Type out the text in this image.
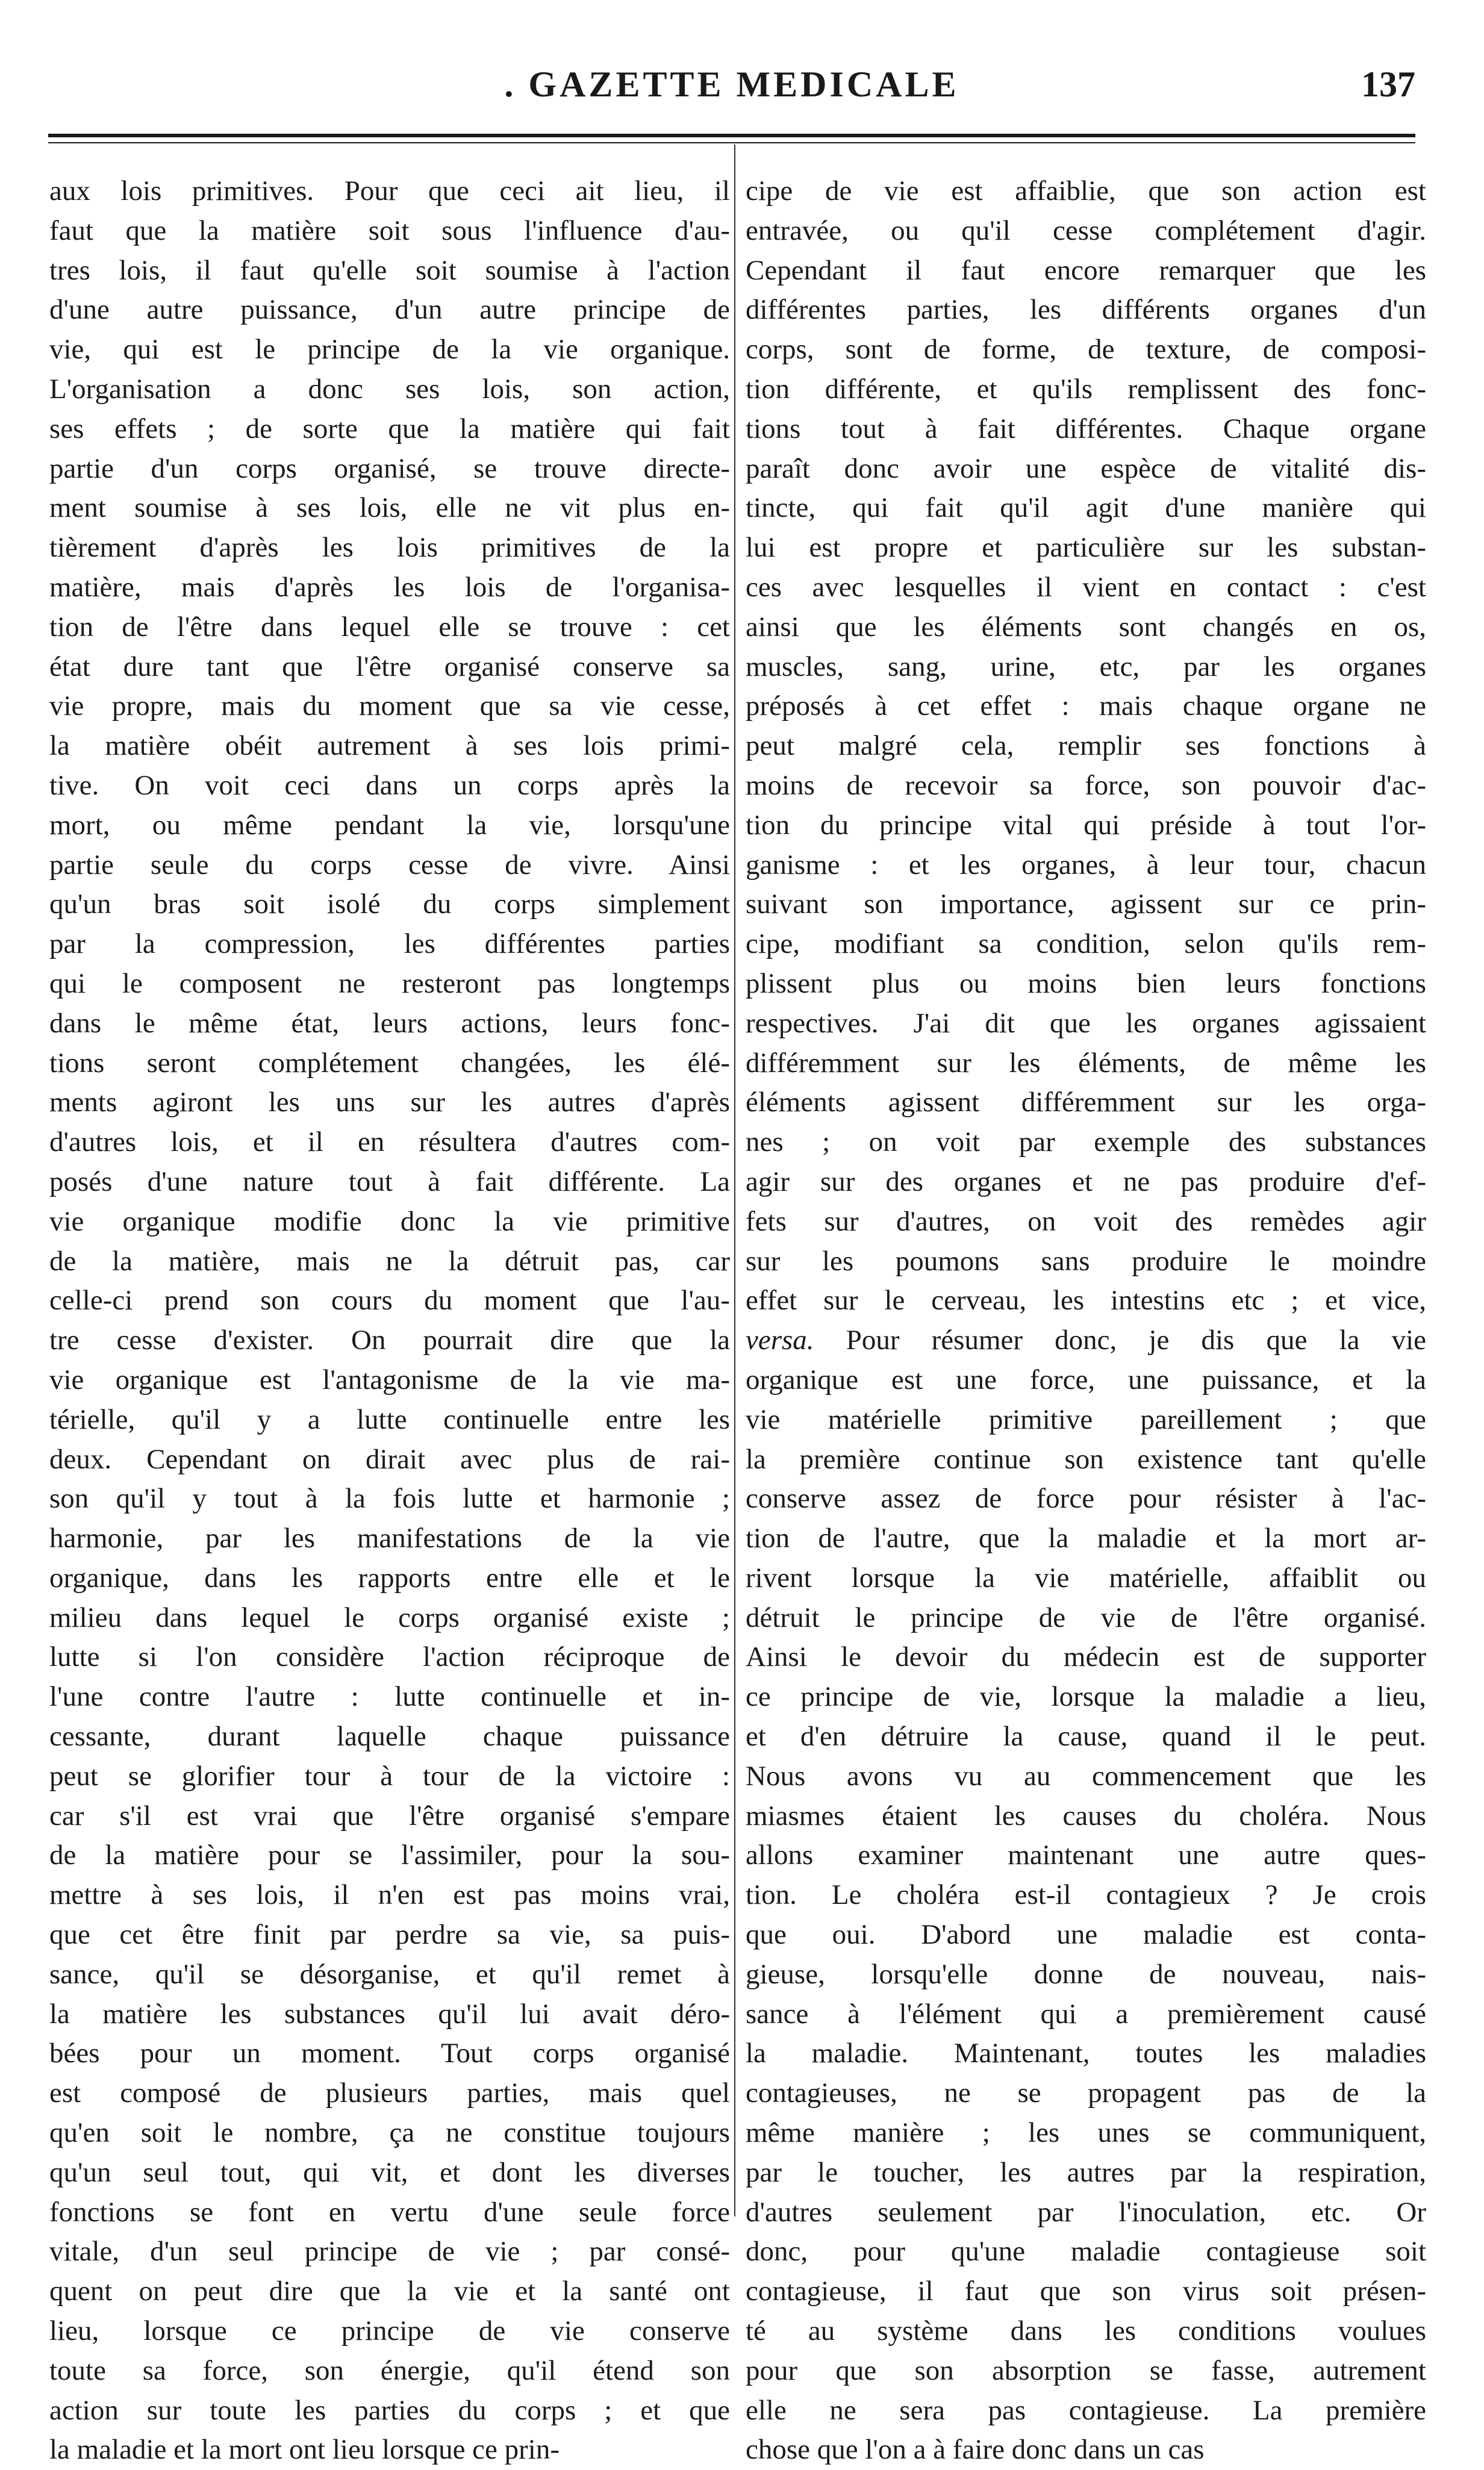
. GAZETTE MEDICALE	137
aux lois primitives. Pour que ceci ait lieu, il
faut que la matière soit sous l'influence d'au-
tres lois, il faut qu'elle soit soumise à l'action
d'une autre puissance, d'un autre principe de
vie, qui est le principe de la vie organique.
L'organisation a donc ses lois, son action,
ses effets ; de sorte que la matière qui fait
partie d'un corps organisé, se trouve directe-
ment soumise à ses lois, elle ne vit plus en-
tièrement d'après les lois primitives de la
matière, mais d'après les lois de l'organisa-
tion de l'être dans lequel elle se trouve : cet
état dure tant que l'être organisé conserve sa
vie propre, mais du moment que sa vie cesse,
la matière obéit autrement à ses lois primi-
tive. On voit ceci dans un corps après la
mort, ou même pendant la vie, lorsqu'une
partie seule du corps cesse de vivre. Ainsi
qu'un bras soit isolé du corps simplement
par la compression, les différentes parties
qui le composent ne resteront pas longtemps
dans le même état, leurs actions, leurs fonc-
tions seront complétement changées, les élé-
ments agiront les uns sur les autres d'après
d'autres lois, et il en résultera d'autres com-
posés d'une nature tout à fait différente. La
vie organique modifie donc la vie primitive
de la matière, mais ne la détruit pas, car
celle-ci prend son cours du moment que l'au-
tre cesse d'exister. On pourrait dire que la
vie organique est l'antagonisme de la vie ma-
térielle, qu'il y a lutte continuelle entre les
deux. Cependant on dirait avec plus de rai-
son qu'il y tout à la fois lutte et harmonie ;
harmonie, par les manifestations de la vie
organique, dans les rapports entre elle et le
milieu dans lequel le corps organisé existe ;
lutte si l'on considère l'action réciproque de
l'une contre l'autre : lutte continuelle et in-
cessante, durant laquelle chaque puissance
peut se glorifier tour à tour de la victoire :
car s'il est vrai que l'être organisé s'empare
de la matière pour se l'assimiler, pour la sou-
mettre à ses lois, il n'en est pas moins vrai,
que cet être finit par perdre sa vie, sa puis-
sance, qu'il se désorganise, et qu'il remet à
la matière les substances qu'il lui avait déro-
bées pour un moment. Tout corps organisé
est composé de plusieurs parties, mais quel
qu'en soit le nombre, ça ne constitue toujours
qu'un seul tout, qui vit, et dont les diverses
fonctions se font en vertu d'une seule force
vitale, d'un seul principe de vie ; par consé-
quent on peut dire que la vie et la santé ont
lieu, lorsque ce principe de vie conserve
toute sa force, son énergie, qu'il étend son
action sur toute les parties du corps ; et que
la maladie et la mort ont lieu lorsque ce prin-
cipe de vie est affaiblie, que son action est
entravée, ou qu'il cesse complétement d'agir.
Cependant il faut encore remarquer que les
différentes parties, les différents organes d'un
corps, sont de forme, de texture, de composi-
tion différente, et qu'ils remplissent des fonc-
tions tout à fait différentes. Chaque organe
paraît donc avoir une espèce de vitalité dis-
tincte, qui fait qu'il agit d'une manière qui
lui est propre et particulière sur les substan-
ces avec lesquelles il vient en contact : c'est
ainsi que les éléments sont changés en os,
muscles, sang, urine, etc, par les organes
préposés à cet effet : mais chaque organe ne
peut malgré cela, remplir ses fonctions à
moins de recevoir sa force, son pouvoir d'ac-
tion du principe vital qui préside à tout l'or-
ganisme : et les organes, à leur tour, chacun
suivant son importance, agissent sur ce prin-
cipe, modifiant sa condition, selon qu'ils rem-
plissent plus ou moins bien leurs fonctions
respectives. J'ai dit que les organes agissaient
différemment sur les éléments, de même les
éléments agissent différemment sur les orga-
nes ; on voit par exemple des substances
agir sur des organes et ne pas produire d'ef-
fets sur d'autres, on voit des remèdes agir
sur les poumons sans produire le moindre
effet sur le cerveau, les intestins etc ; et vice,
versa. Pour résumer donc, je dis que la vie
organique est une force, une puissance, et la
vie matérielle primitive pareillement ; que
la première continue son existence tant qu'elle
conserve assez de force pour résister à l'ac-
tion de l'autre, que la maladie et la mort ar-
rivent lorsque la vie matérielle, affaiblit ou
détruit le principe de vie de l'être organisé.
Ainsi le devoir du médecin est de supporter
ce principe de vie, lorsque la maladie a lieu,
et d'en détruire la cause, quand il le peut.
Nous avons vu au commencement que les
miasmes étaient les causes du choléra. Nous
allons examiner maintenant une autre ques-
tion. Le choléra est-il contagieux ? Je crois
que oui. D'abord une maladie est conta-
gieuse, lorsqu'elle donne de nouveau, nais-
sance à l'élément qui a premièrement causé
la maladie. Maintenant, toutes les maladies
contagieuses, ne se propagent pas de la
même manière ; les unes se communiquent,
par le toucher, les autres par la respiration,
d'autres seulement par l'inoculation, etc. Or
donc, pour qu'une maladie contagieuse soit
contagieuse, il faut que son virus soit présen-
té au système dans les conditions voulues
pour que son absorption se fasse, autrement
elle ne sera pas contagieuse. La première
chose que l'on a à faire donc dans un cas
